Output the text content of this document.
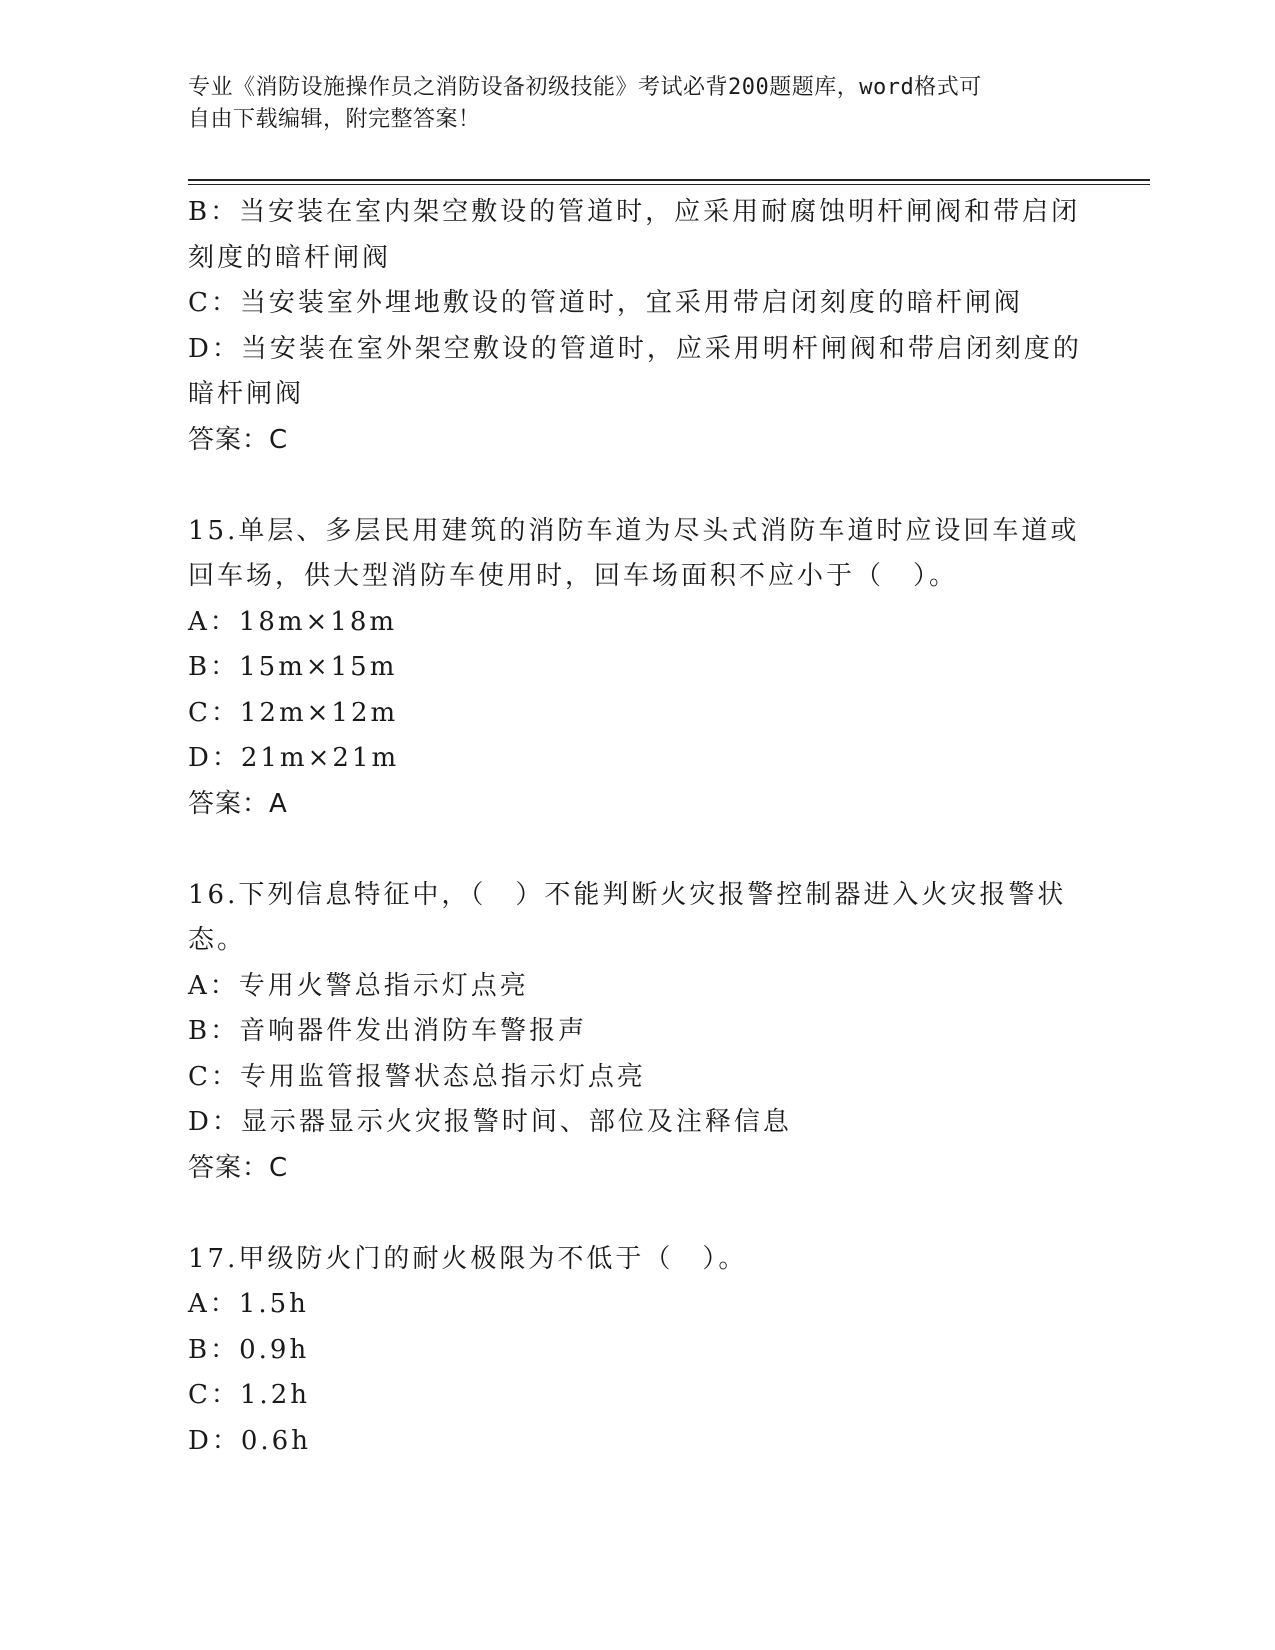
专业《消防设施操作员之消防设备初级技能》考试必背200题题库，word格式可
自由下载编辑，附完整答案！
B：当安装在室内架空敷设的管道时，应采用耐腐蚀明杆闸阀和带启闭
刻度的暗杆闸阀
C：当安装室外埋地敷设的管道时，宜采用带启闭刻度的暗杆闸阀
D：当安装在室外架空敷设的管道时，应采用明杆闸阀和带启闭刻度的
暗杆闸阀
答案：C
15.单层、多层民用建筑的消防车道为尽头式消防车道时应设回车道或
回车场，供大型消防车使用时，回车场面积不应小于（　）。
A：18m×18m
B：15m×15m
C：12m×12m
D：21m×21m
答案：A
16.下列信息特征中，（　）不能判断火灾报警控制器进入火灾报警状
态。
A：专用火警总指示灯点亮
B：音响器件发出消防车警报声
C：专用监管报警状态总指示灯点亮
D：显示器显示火灾报警时间、部位及注释信息
答案：C
17.甲级防火门的耐火极限为不低于（　）。
A：1.5h
B：0.9h
C：1.2h
D：0.6h
